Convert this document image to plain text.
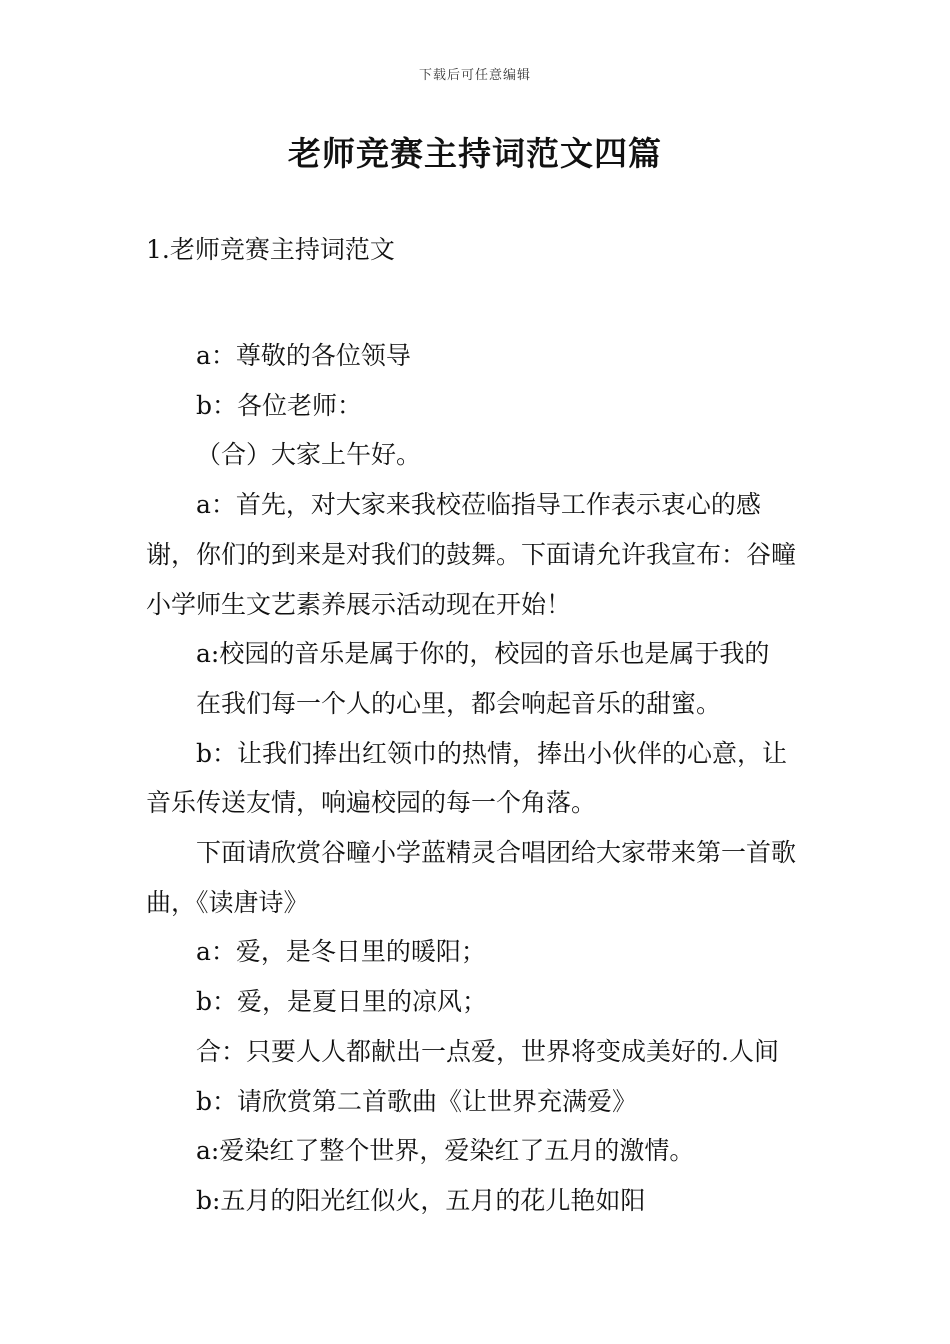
下载后可任意编辑
老师竞赛主持词范文四篇
1.老师竞赛主持词范文

a：尊敬的各位领导

b：各位老师：

（合）大家上午好。

a：首先，对大家来我校莅临指导工作表示衷心的感谢，你们的到来是对我们的鼓舞。下面请允许我宣布：谷疃小学师生文艺素养展示活动现在开始！

a:校园的音乐是属于你的，校园的音乐也是属于我的

在我们每一个人的心里，都会响起音乐的甜蜜。

b：让我们捧出红领巾的热情，捧出小伙伴的心意，让音乐传送友情，响遍校园的每一个角落。

下面请欣赏谷疃小学蓝精灵合唱团给大家带来第一首歌曲，《读唐诗》

a：爱，是冬日里的暖阳；

b：爱，是夏日里的凉风；

合：只要人人都献出一点爱，世界将变成美好的.人间

b：请欣赏第二首歌曲《让世界充满爱》

a:爱染红了整个世界，爱染红了五月的激情。

b:五月的阳光红似火，五月的花儿艳如阳
